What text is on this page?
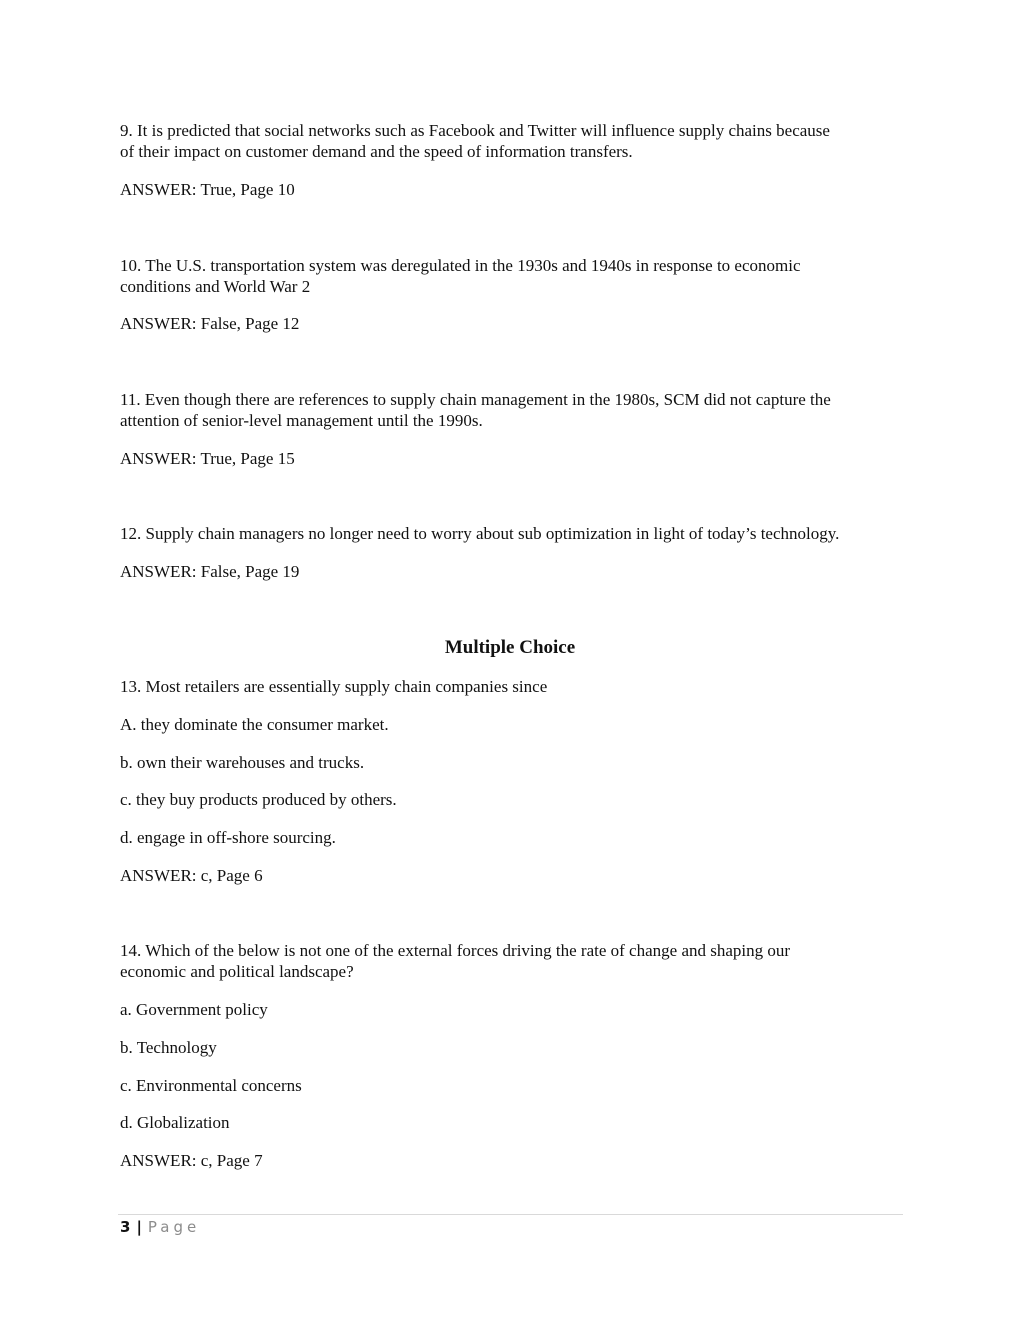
9. It is predicted that social networks such as Facebook and Twitter will influence supply chains because
of their impact on customer demand and the speed of information transfers.
ANSWER: True, Page 10
10. The U.S. transportation system was deregulated in the 1930s and 1940s in response to economic
conditions and World War 2
ANSWER: False, Page 12
11. Even though there are references to supply chain management in the 1980s, SCM did not capture the
attention of senior-level management until the 1990s.
ANSWER: True, Page 15
12. Supply chain managers no longer need to worry about sub optimization in light of today’s technology.
ANSWER: False, Page 19
Multiple Choice
13. Most retailers are essentially supply chain companies since
A. they dominate the consumer market.
b. own their warehouses and trucks.
c. they buy products produced by others.
d. engage in off-shore sourcing.
ANSWER: c, Page 6
14. Which of the below is not one of the external forces driving the rate of change and shaping our
economic and political landscape?
a. Government policy
b. Technology
c. Environmental concerns
d. Globalization
ANSWER: c, Page 7
3 | Page
